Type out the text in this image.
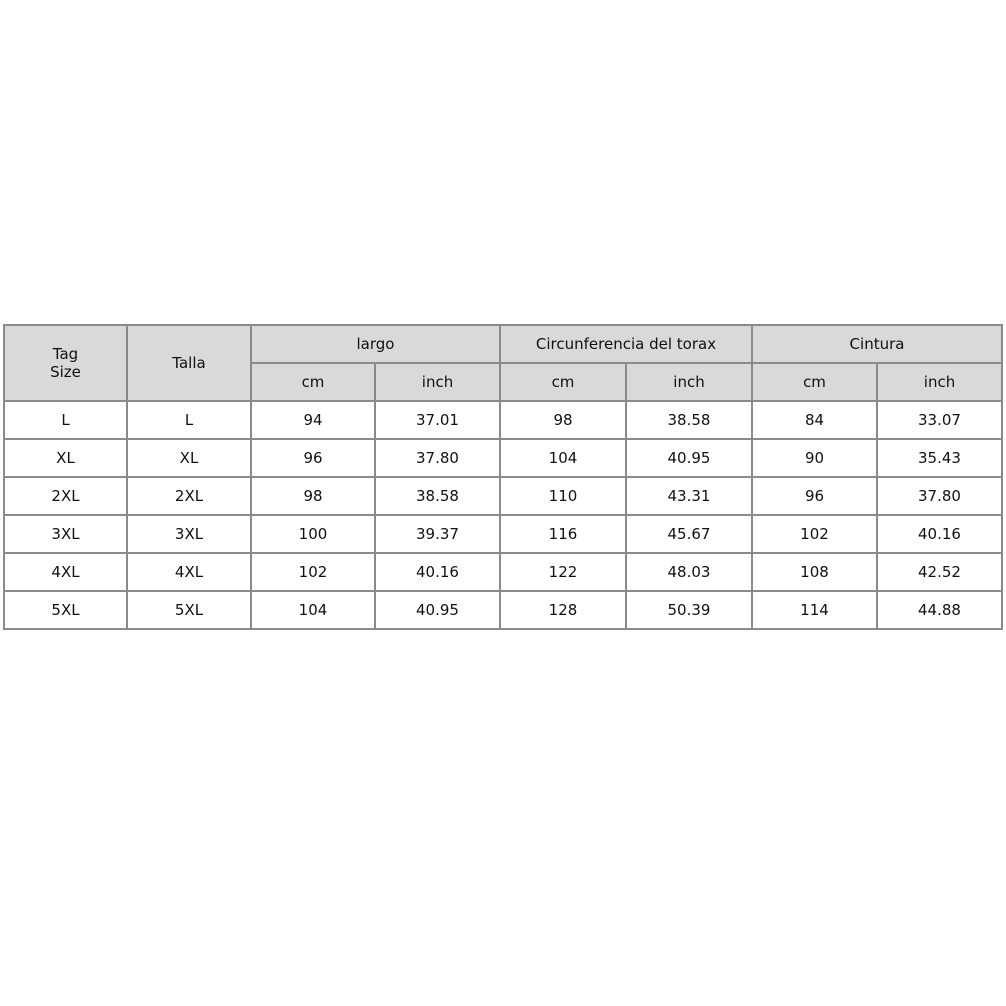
Tag
Size	Talla	largo		Circunferencia del torax		Cintura	
		cm	inch	cm	inch	cm	inch
L	L	94	37.01	98	38.58	84	33.07
XL	XL	96	37.80	104	40.95	90	35.43
2XL	2XL	98	38.58	110	43.31	96	37.80
3XL	3XL	100	39.37	116	45.67	102	40.16
4XL	4XL	102	40.16	122	48.03	108	42.52
5XL	5XL	104	40.95	128	50.39	114	44.88
